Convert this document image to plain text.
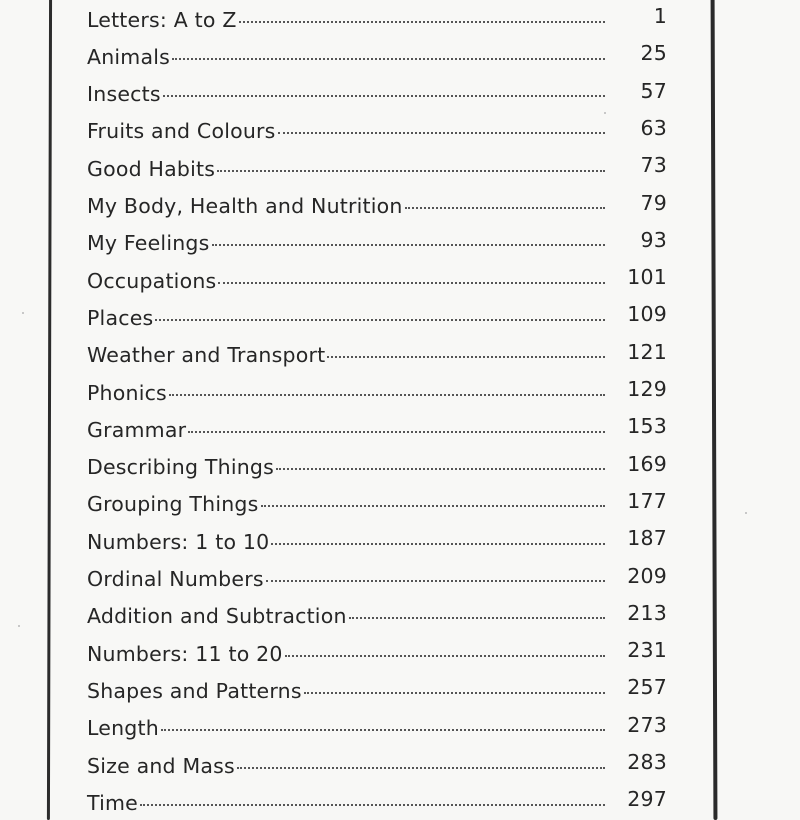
Letters: A to Z	1
Animals	25
Insects	57
Fruits and Colours	63
Good Habits	73
My Body, Health and Nutrition	79
My Feelings	93
Occupations	101
Places	109
Weather and Transport	121
Phonics	129
Grammar	153
Describing Things	169
Grouping Things	177
Numbers: 1 to 10	187
Ordinal Numbers	209
Addition and Subtraction	213
Numbers: 11 to 20	231
Shapes and Patterns	257
Length	273
Size and Mass	283
Time	297
